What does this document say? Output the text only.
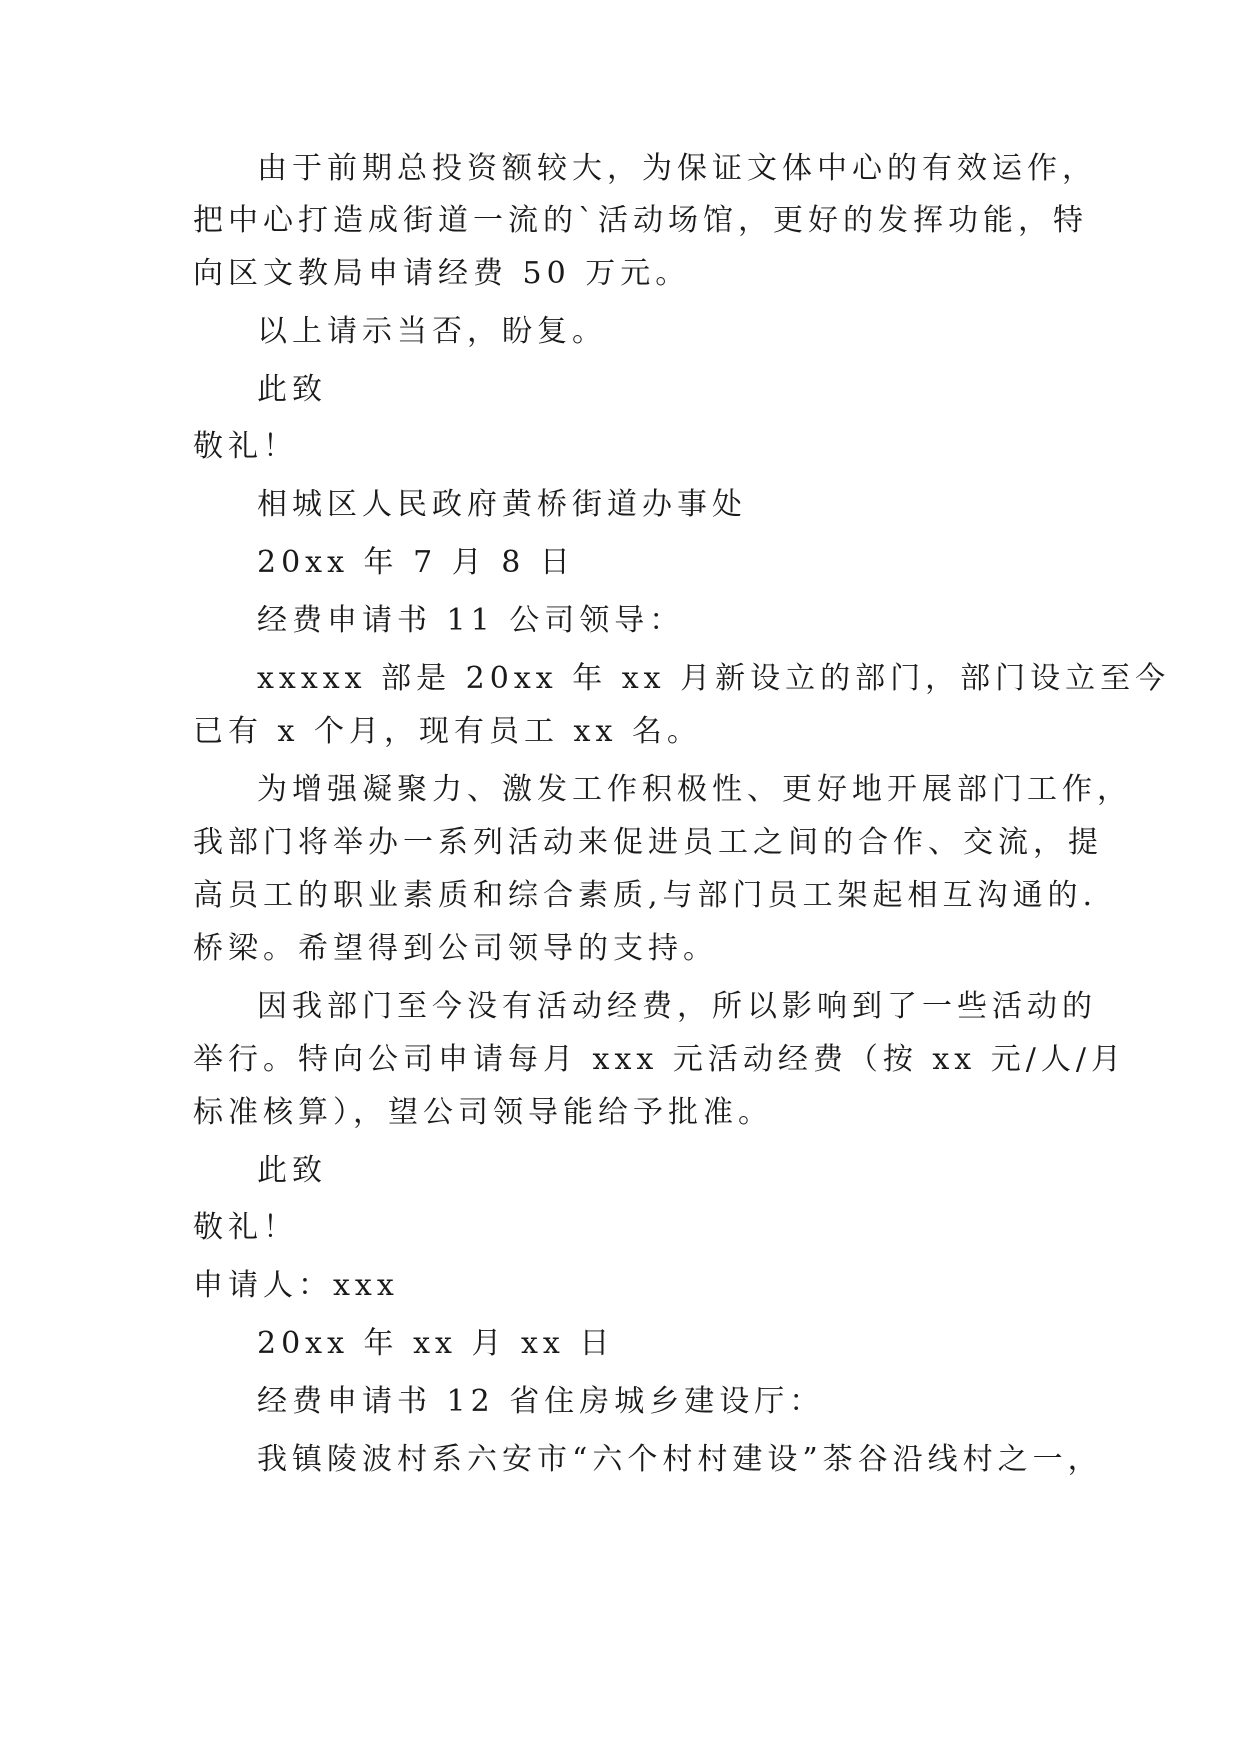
由于前期总投资额较大，为保证文体中心的有效运作，
把中心打造成街道一流的`活动场馆，更好的发挥功能，特
向区文教局申请经费 50 万元。
以上请示当否，盼复。
此致
敬礼！
相城区人民政府黄桥街道办事处
20xx 年 7 月 8 日
经费申请书 11 公司领导：
xxxxx 部是 20xx 年 xx 月新设立的部门，部门设立至今
已有 x 个月，现有员工 xx 名。
为增强凝聚力、激发工作积极性、更好地开展部门工作，
我部门将举办一系列活动来促进员工之间的合作、交流，提
高员工的职业素质和综合素质,与部门员工架起相互沟通的.
桥梁。希望得到公司领导的支持。
因我部门至今没有活动经费，所以影响到了一些活动的
举行。特向公司申请每月 xxx 元活动经费（按 xx 元/人/月
标准核算），望公司领导能给予批准。
此致
敬礼！
申请人：xxx
20xx 年 xx 月 xx 日
经费申请书 12 省住房城乡建设厅：
我镇陵波村系六安市“六个村村建设”茶谷沿线村之一，
